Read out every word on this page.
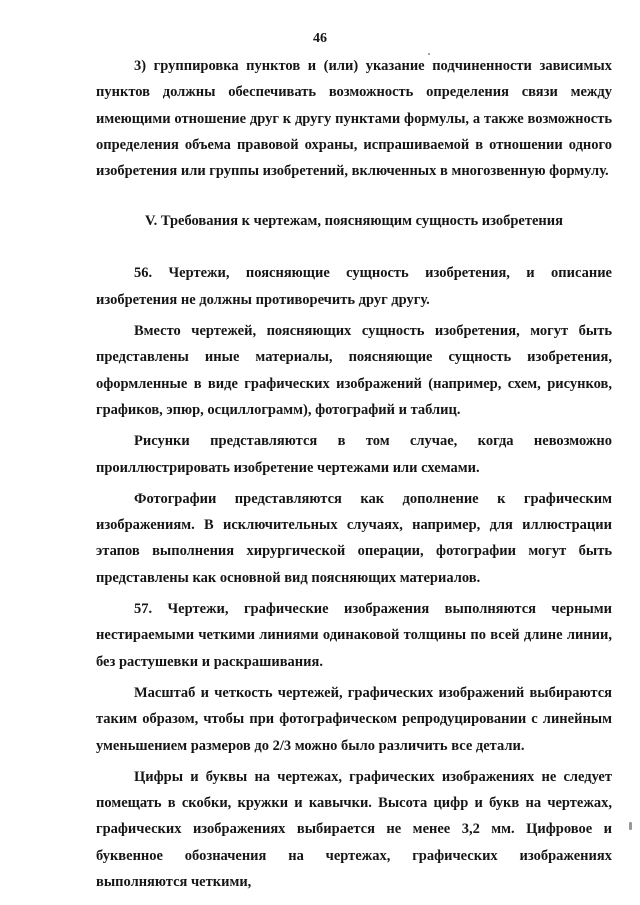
46

3) группировка пунктов и (или) указание подчиненности зависимых пунктов должны обеспечивать возможность определения связи между имеющими отношение друг к другу пунктами формулы, а также возможность определения объема правовой охраны, испрашиваемой в отношении одного изобретения или группы изобретений, включенных в многозвенную формулу.

V. Требования к чертежам, поясняющим сущность изобретения

56. Чертежи, поясняющие сущность изобретения, и описание изобретения не должны противоречить друг другу.

Вместо чертежей, поясняющих сущность изобретения, могут быть представлены иные материалы, поясняющие сущность изобретения, оформленные в виде графических изображений (например, схем, рисунков, графиков, эпюр, осциллограмм), фотографий и таблиц.

Рисунки представляются в том случае, когда невозможно проиллюстрировать изобретение чертежами или схемами.

Фотографии представляются как дополнение к графическим изображениям. В исключительных случаях, например, для иллюстрации этапов выполнения хирургической операции, фотографии могут быть представлены как основной вид поясняющих материалов.

57. Чертежи, графические изображения выполняются черными нестираемыми четкими линиями одинаковой толщины по всей длине линии, без растушевки и раскрашивания.

Масштаб и четкость чертежей, графических изображений выбираются таким образом, чтобы при фотографическом репродуцировании с линейным уменьшением размеров до 2/3 можно было различить все детали.

Цифры и буквы на чертежах, графических изображениях не следует помещать в скобки, кружки и кавычки. Высота цифр и букв на чертежах, графических изображениях выбирается не менее 3,2 мм. Цифровое и буквенное обозначения на чертежах, графических изображениях выполняются четкими,
